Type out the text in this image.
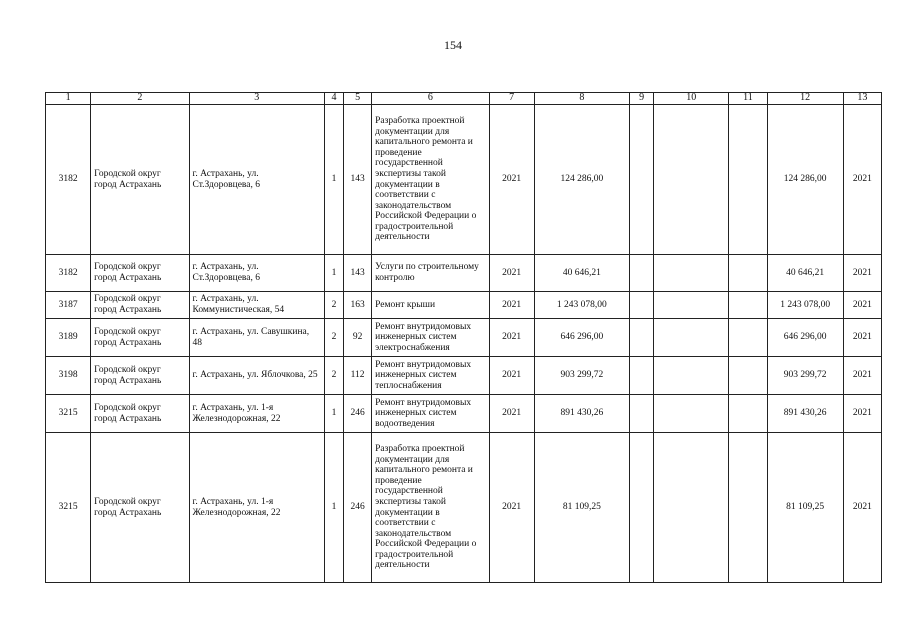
154
1	2	3	4	5	6	7	8	9	10	11	12	13
3182	Городской округ город Астрахань	г. Астрахань, ул. Ст.Здоровцева, 6	1	143	Разработка проектной документации для капитального ремонта и проведение государственной экспертизы такой документации в соответствии с законодательством Российской Федерации о градостроительной деятельности	2021	124 286,00				124 286,00	2021
3182	Городской округ город Астрахань	г. Астрахань, ул. Ст.Здоровцева, 6	1	143	Услуги по строительному контролю	2021	40 646,21				40 646,21	2021
3187	Городской округ город Астрахань	г. Астрахань, ул. Коммунистическая, 54	2	163	Ремонт крыши	2021	1 243 078,00				1 243 078,00	2021
3189	Городской округ город Астрахань	г. Астрахань, ул. Савушкина, 48	2	92	Ремонт внутридомовых инженерных систем электроснабжения	2021	646 296,00				646 296,00	2021
3198	Городской округ город Астрахань	г. Астрахань, ул. Яблочкова, 25	2	112	Ремонт внутридомовых инженерных систем теплоснабжения	2021	903 299,72				903 299,72	2021
3215	Городской округ город Астрахань	г. Астрахань, ул. 1-я Железнодорожная, 22	1	246	Ремонт внутридомовых инженерных систем водоотведения	2021	891 430,26				891 430,26	2021
3215	Городской округ город Астрахань	г. Астрахань, ул. 1-я Железнодорожная, 22	1	246	Разработка проектной документации для капитального ремонта и проведение государственной экспертизы такой документации в соответствии с законодательством Российской Федерации о градостроительной деятельности	2021	81 109,25				81 109,25	2021
